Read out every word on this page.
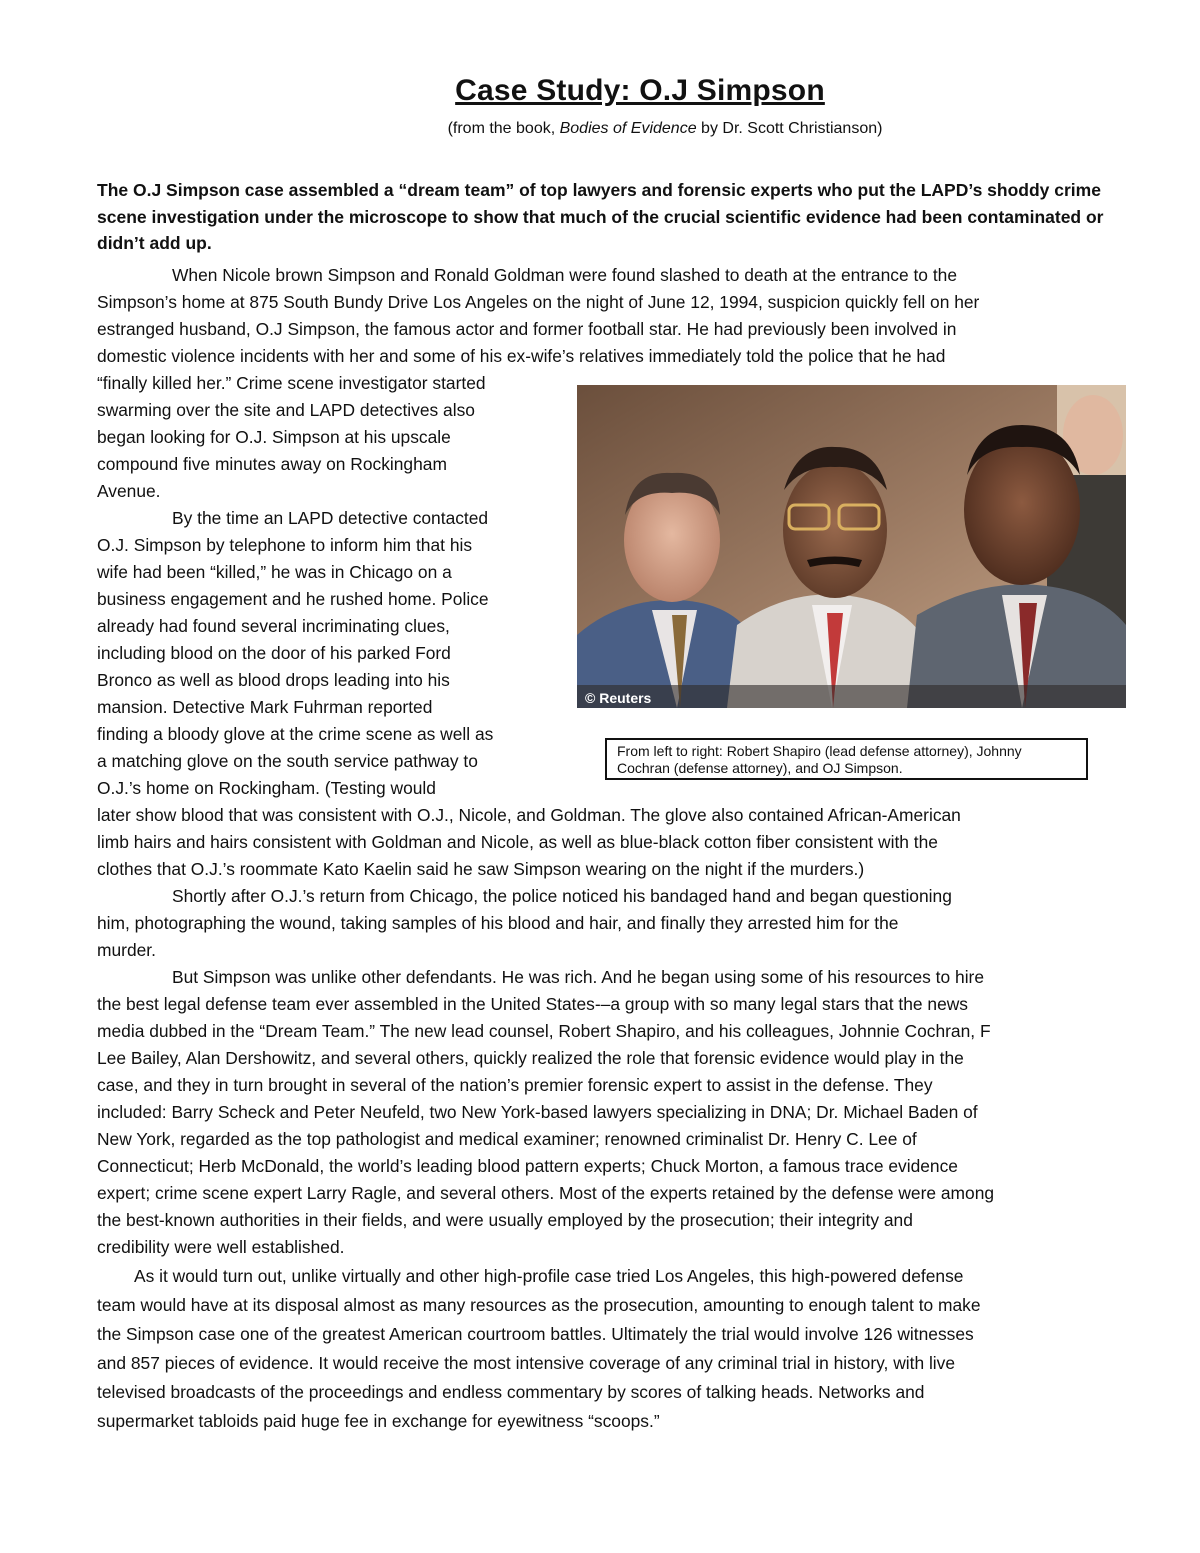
Case Study: O.J Simpson
(from the book, Bodies of Evidence by Dr. Scott Christianson)
The O.J Simpson case assembled a “dream team” of top lawyers and forensic experts who put the LAPD’s shoddy crime scene investigation under the microscope to show that much of the crucial scientific evidence had been contaminated or didn’t add up.
When Nicole brown Simpson and Ronald Goldman were found slashed to death at the entrance to the
Simpson’s home at 875 South Bundy Drive Los Angeles on the night of June 12, 1994, suspicion quickly fell on her
estranged husband, O.J Simpson, the famous actor and former football star. He had previously been involved in
domestic violence incidents with her and some of his ex-wife’s relatives immediately told the police that he had
“finally killed her.” Crime scene investigator started
swarming over the site and LAPD detectives also
began looking for O.J. Simpson at his upscale
compound five minutes away on Rockingham
Avenue.
By the time an LAPD detective contacted
O.J. Simpson by telephone to inform him that his
wife had been “killed,” he was in Chicago on a
business engagement and he rushed home. Police
already had found several incriminating clues,
including blood on the door of his parked Ford
Bronco as well as blood drops leading into his
mansion. Detective Mark Fuhrman reported
finding a bloody glove at the crime scene as well as
a matching glove on the south service pathway to
O.J.’s home on Rockingham. (Testing would
later show blood that was consistent with O.J., Nicole, and Goldman. The glove also contained African-American
limb hairs and hairs consistent with Goldman and Nicole, as well as blue-black cotton fiber consistent with the
clothes that O.J.’s roommate Kato Kaelin said he saw Simpson wearing on the night if the murders.)
Shortly after O.J.’s return from Chicago, the police noticed his bandaged hand and began questioning
him, photographing the wound, taking samples of his blood and hair, and finally they arrested him for the
murder.
But Simpson was unlike other defendants. He was rich. And he began using some of his resources to hire
the best legal defense team ever assembled in the United States-–a group with so many legal stars that the news
media dubbed in the “Dream Team.” The new lead counsel, Robert Shapiro, and his colleagues, Johnnie Cochran, F
Lee Bailey, Alan Dershowitz, and several others, quickly realized the role that forensic evidence would play in the
case, and they in turn brought in several of the nation’s premier forensic expert to assist in the defense. They
included: Barry Scheck and Peter Neufeld, two New York-based lawyers specializing in DNA; Dr. Michael Baden of
New York, regarded as the top pathologist and medical examiner; renowned criminalist Dr. Henry C. Lee of
Connecticut; Herb McDonald, the world’s leading blood pattern experts; Chuck Morton, a famous trace evidence
expert; crime scene expert Larry Ragle, and several others. Most of the experts retained by the defense were among
the best-known authorities in their fields, and were usually employed by the prosecution; their integrity and
credibility were well established.
As it would turn out, unlike virtually and other high-profile case tried Los Angeles, this high-powered defense
team would have at its disposal almost as many resources as the prosecution, amounting to enough talent to make
the Simpson case one of the greatest American courtroom battles. Ultimately the trial would involve 126 witnesses
and 857 pieces of evidence. It would receive the most intensive coverage of any criminal trial in history, with live
televised broadcasts of the proceedings and endless commentary by scores of talking heads. Networks and
supermarket tabloids paid huge fee in exchange for eyewitness “scoops.”
© Reuters
From left to right: Robert Shapiro (lead defense attorney), Johnny Cochran (defense attorney), and OJ Simpson.
